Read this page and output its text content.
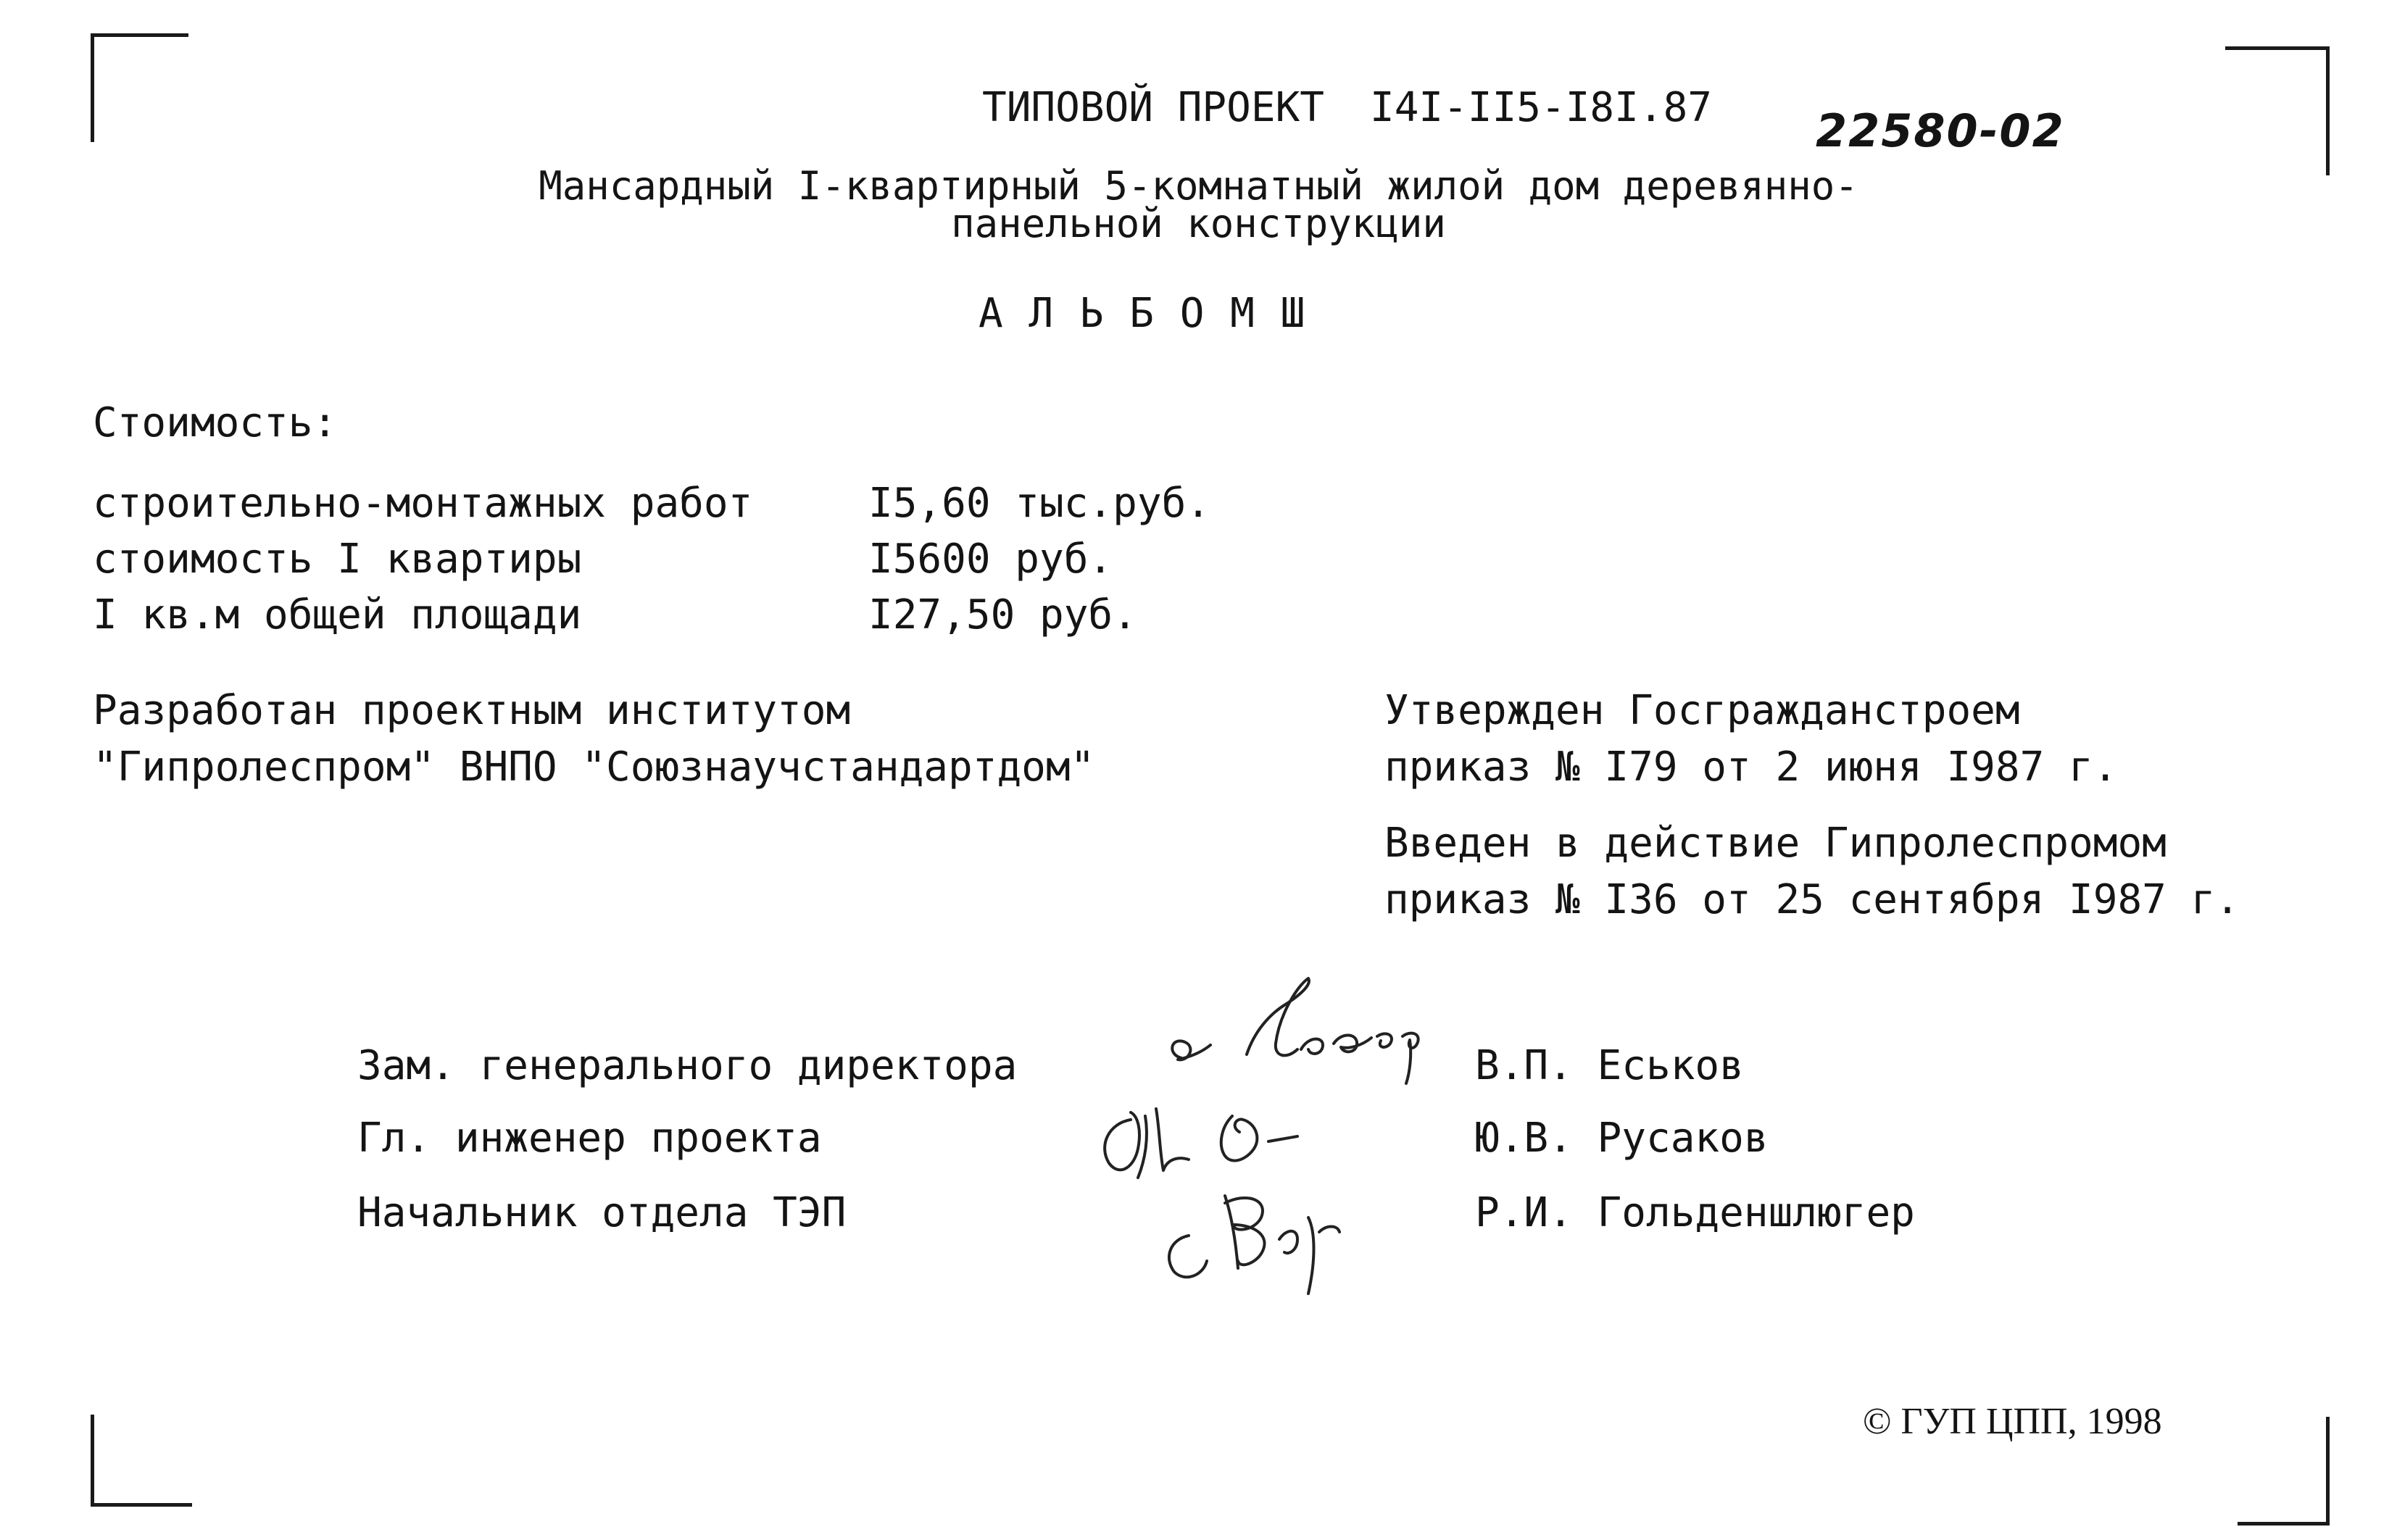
ТИПОВОЙ ПРОЕКТ I4I-II5-I8I.87 22580-02
Мансардный I-квартирный 5-комнатный жилой дом деревянно-
панельной конструкции
А Л Ь Б О М Ш
Стоимость:
строительно-монтажных работ	I5,60 тыс.руб.
стоимость I квартиры	I5600 руб.
I кв.м общей площади	I27,50 руб.
Разработан проектным институтом
"Гипролеспром" ВНПО "Союзнаучстандартдом"
Утвержден Госгражданстроем
приказ № I79 от 2 июня I987 г.
Введен в действие Гипролеспромом
приказ № I36 от 25 сентября I987 г.
Зам. генерального директора	В.П. Еськов
Гл. инженер проекта	Ю.В. Русаков
Начальник отдела ТЭП	Р.И. Гольденшлюгер
© ГУП ЦПП, 1998
